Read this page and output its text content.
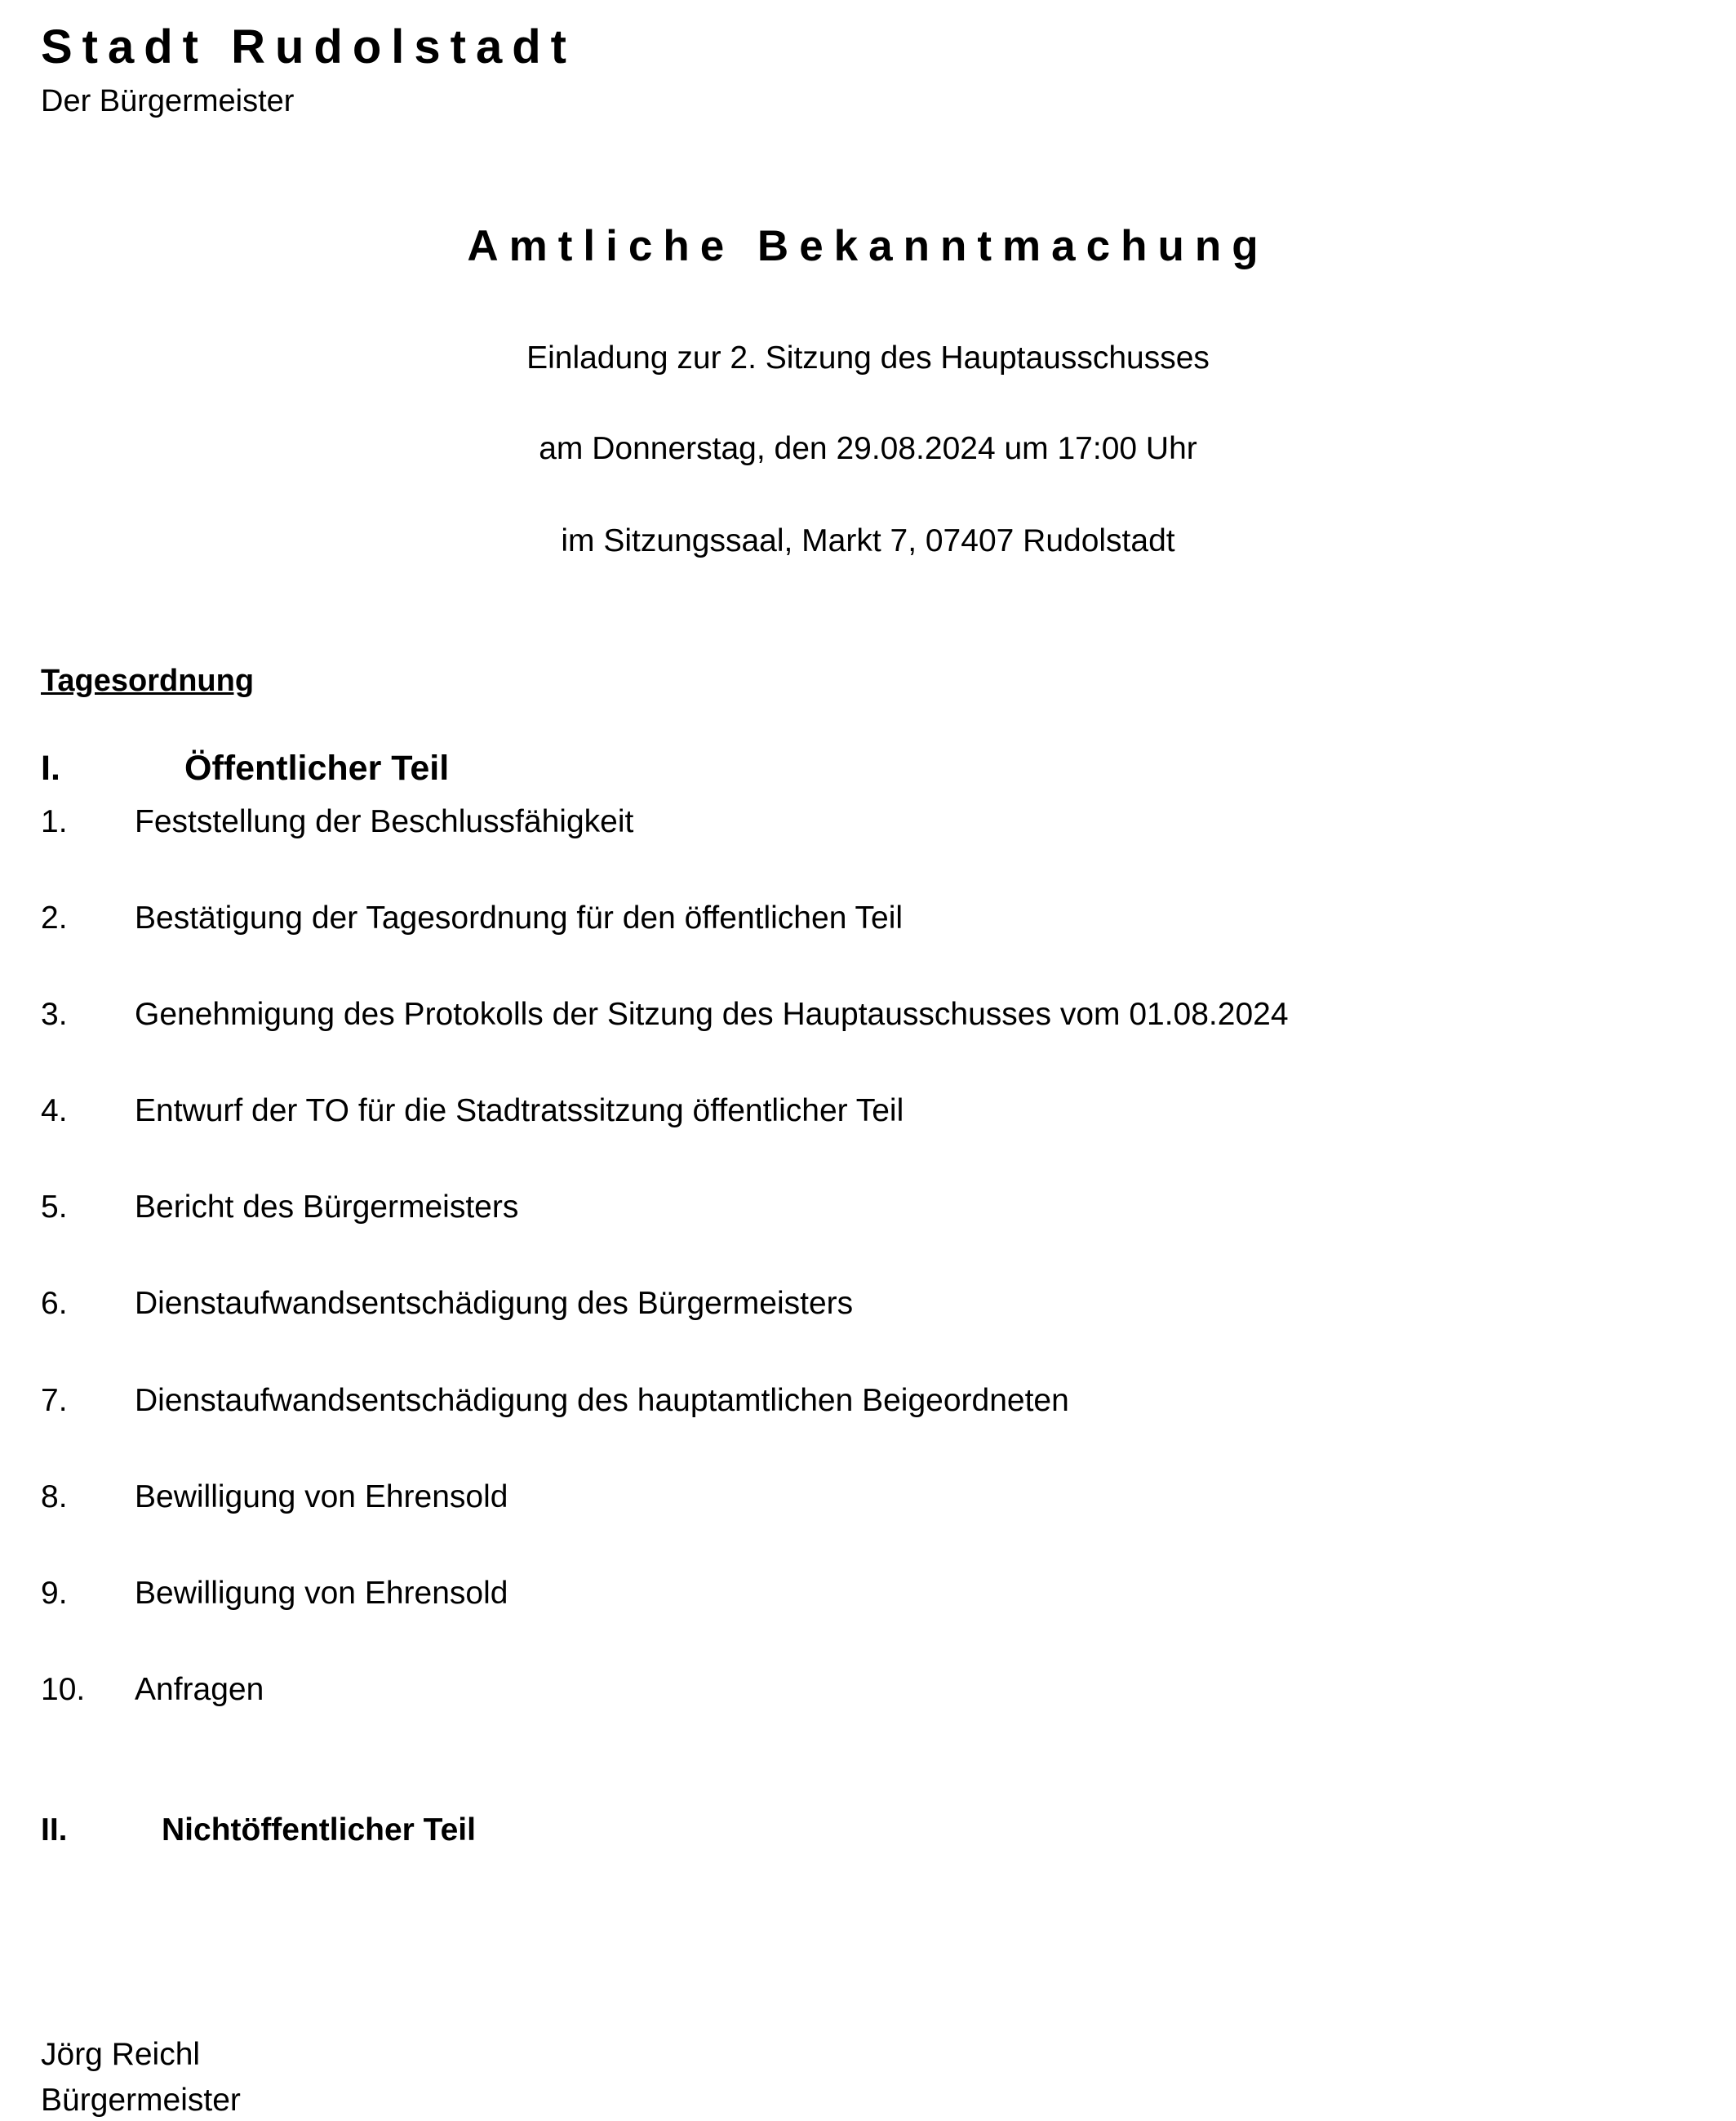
Stadt Rudolstadt
Der Bürgermeister
Amtliche Bekanntmachung
Einladung zur 2. Sitzung des Hauptausschusses
am Donnerstag, den 29.08.2024 um 17:00 Uhr
im Sitzungssaal, Markt 7, 07407 Rudolstadt
Tagesordnung
I.	Öffentlicher Teil
1. Feststellung der Beschlussfähigkeit
2. Bestätigung der Tagesordnung für den öffentlichen Teil
3. Genehmigung des Protokolls der Sitzung des Hauptausschusses vom 01.08.2024
4. Entwurf der TO für die Stadtratssitzung öffentlicher Teil
5. Bericht des Bürgermeisters
6. Dienstaufwandsentschädigung des Bürgermeisters
7. Dienstaufwandsentschädigung des hauptamtlichen Beigeordneten
8. Bewilligung von Ehrensold
9. Bewilligung von Ehrensold
10. Anfragen
II.	Nichtöffentlicher Teil
Jörg Reichl
Bürgermeister
